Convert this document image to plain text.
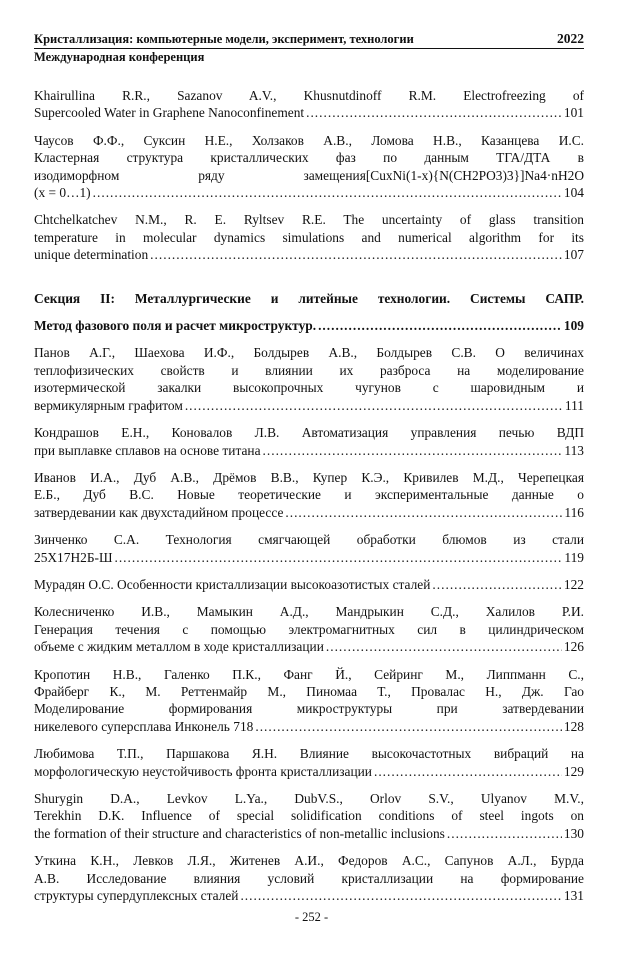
Кристаллизация: компьютерные модели, эксперимент, технологии	2022
Международная конференция
Khairullina R.R., Sazanov A.V., Khusnutdinoff R.M. Electrofreezing of
Supercooled Water in Graphene Nanoconfinement .....	101
Чаусов Ф.Ф., Суксин Н.Е., Холзаков А.В., Ломова Н.В., Казанцева И.С.
Кластерная структура кристаллических фаз по данным ТГА/ДТА в
изодиморфном ряду замещения[CuxNi(1-x){N(CH2PO3)3}]Na4·nH2O
(x = 0…1) .....	104
Chtchelkatchev N.M., R. E. Ryltsev R.E. The uncertainty of glass transition
temperature in molecular dynamics simulations and numerical algorithm for its
unique determination .....	107
Секция II: Металлургические и литейные технологии. Системы САПР.
Метод фазового поля и расчет микроструктур. .....	109
Панов А.Г., Шаехова И.Ф., Болдырев А.В., Болдырев С.В. О величинах
теплофизических свойств и влиянии их разброса на моделирование
изотермической закалки высокопрочных чугунов с шаровидным и
вермикулярным графитом .....	111
Кондрашов Е.Н., Коновалов Л.В. Автоматизация управления печью ВДП
при выплавке сплавов на основе титана .....	113
Иванов И.А., Дуб А.В., Дрёмов В.В., Купер К.Э., Кривилев М.Д., Черепецкая
Е.Б., Дуб В.С. Новые теоретические и экспериментальные данные о
затвердевании как двухстадийном процессе .....	116
Зинченко С.А. Технология смягчающей обработки блюмов из стали
25Х17Н2Б-Ш .....	119
Мурадян О.С. Особенности кристаллизации высокоазотистых сталей .....	122
Колесниченко И.В., Мамыкин А.Д., Мандрыкин С.Д., Халилов Р.И.
Генерация течения с помощью электромагнитных сил в цилиндрическом
объеме с жидким металлом в ходе кристаллизации .....	126
Кропотин Н.В., Галенко П.К., Фанг Й., Сейринг М., Липпманн С.,
Фрайберг К., М. Реттенмайр М., Пиномаа Т., Провалас Н., Дж. Гао
Моделирование формирования микроструктуры при затвердевании
никелевого суперсплава Инконель 718 .....	128
Любимова Т.П., Паршакова Я.Н. Влияние высокочастотных вибраций на
морфологическую неустойчивость фронта кристаллизации .....	129
Shurygin D.A., Levkov L.Ya., DubV.S., Orlov S.V., Ulyanov M.V.,
Terekhin D.K. Influence of special solidification conditions of steel ingots on
the formation of their structure and characteristics of non-metallic inclusions .....	130
Уткина К.Н., Левков Л.Я., Житенев А.И., Федоров А.С., Сапунов А.Л., Бурда
А.В. Исследование влияния условий кристаллизации на формирование
структуры супердуплексных сталей .....	131
- 252 -
